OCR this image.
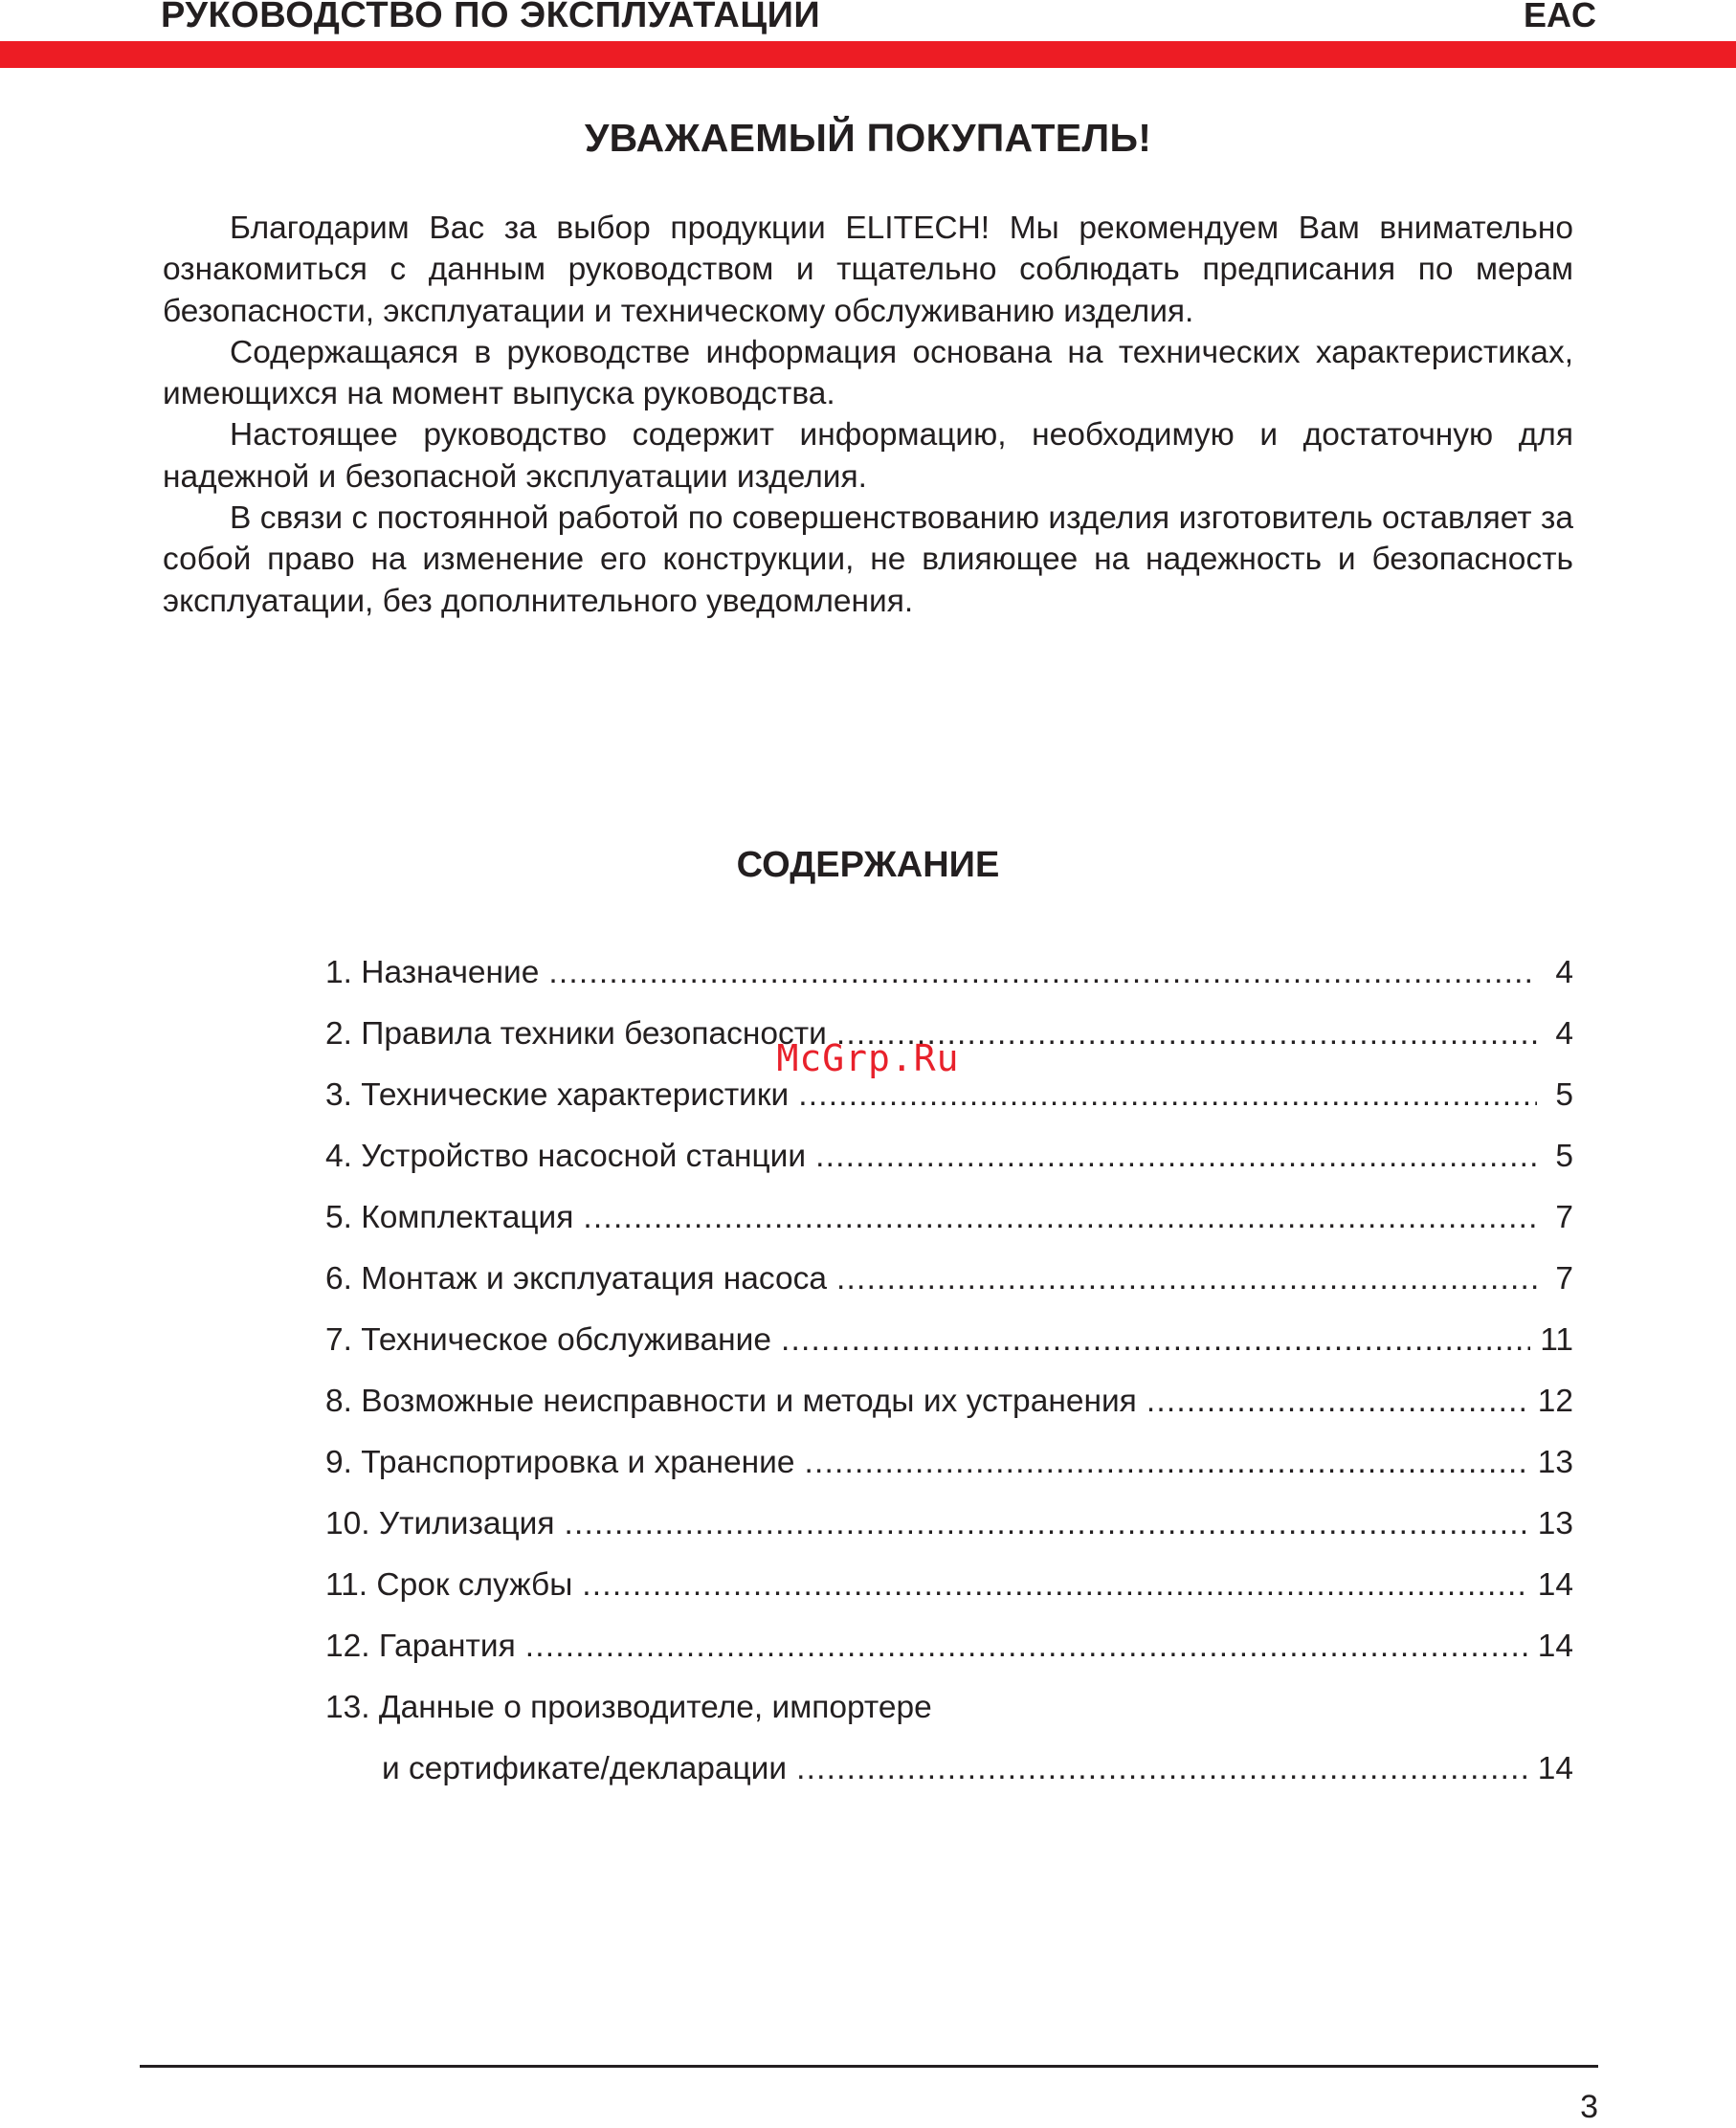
РУКОВОДСТВО ПО ЭКСПЛУАТАЦИИ	EAC
УВАЖАЕМЫЙ ПОКУПАТЕЛЬ!

Благодарим Вас за выбор продукции ELITECH! Мы рекомендуем Вам внимательно ознакомиться с данным руководством и тщательно соблюдать предписания по мерам безопасности, эксплуатации и техническому обслуживанию изделия.

Содержащаяся в руководстве информация основана на технических характеристиках, имеющихся на момент выпуска руководства.

Настоящее руководство содержит информацию, необходимую и достаточную для надежной и безопасной эксплуатации изделия.

В связи с постоянной работой по совершенствованию изделия изготовитель оставляет за собой право на изменение его конструкции, не влияющее на надежность и безопасность эксплуатации, без дополнительного уведомления.

СОДЕРЖАНИЕ
1. Назначение .....	4
2. Правила техники безопасности .....	4
3. Технические характеристики .....	5
4. Устройство насосной станции .....	5
5. Комплектация .....	7
6. Монтаж и эксплуатация насоса .....	7
7. Техническое обслуживание .....	11
8. Возможные неисправности и методы их устранения .....	12
9. Транспортировка и хранение .....	13
10. Утилизация .....	13
11. Срок службы .....	14
12. Гарантия .....	14
13. Данные о производителе, импортере
и сертификате/декларации .....	14
McGrp.Ru
3
